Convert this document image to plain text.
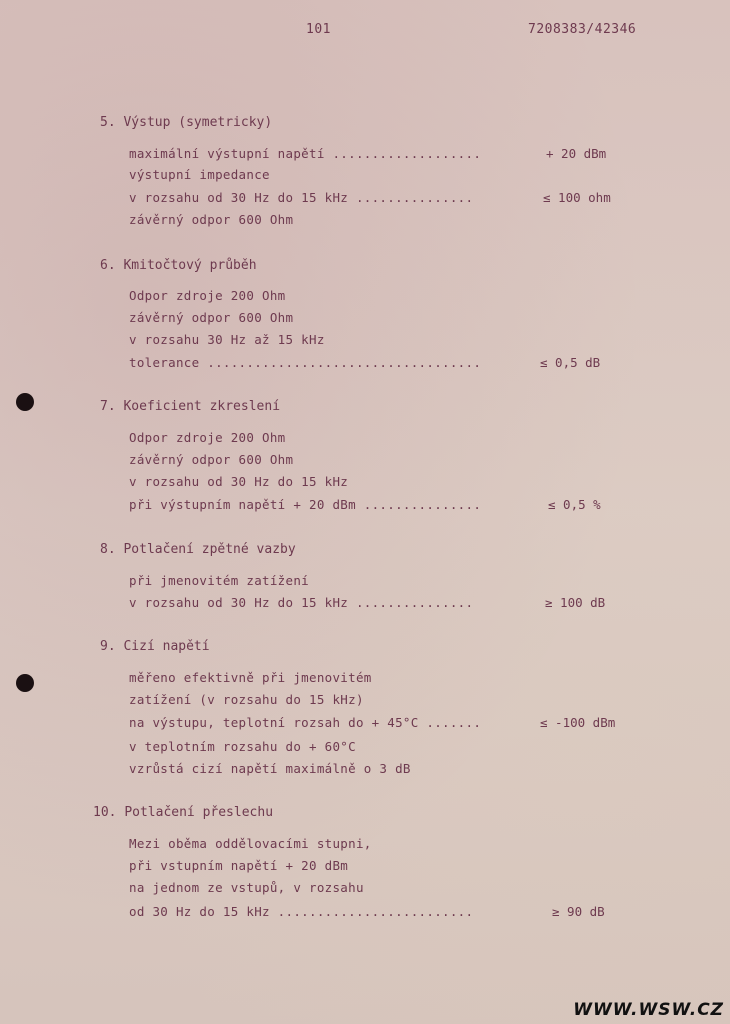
101	7208383/42346
5. Výstup (symetricky)
maximální výstupní napětí ...................	+ 20 dBm
výstupní impedance
v rozsahu od 30 Hz do 15 kHz ...............	≤ 100 ohm
závěrný odpor 600 Ohm
6. Kmitočtový průběh
Odpor zdroje 200 Ohm
závěrný odpor 600 Ohm
v rozsahu 30 Hz až 15 kHz
tolerance ...................................	≤ 0,5 dB
7. Koeficient zkreslení
Odpor zdroje 200 Ohm
závěrný odpor 600 Ohm
v rozsahu od 30 Hz do 15 kHz
při výstupním napětí + 20 dBm ...............	≤ 0,5 %
8. Potlačení zpětné vazby
při jmenovitém zatížení
v rozsahu od 30 Hz do 15 kHz ...............	≥ 100 dB
9. Cizí napětí
měřeno efektivně při jmenovitém
zatížení (v rozsahu do 15 kHz)
na výstupu, teplotní rozsah do + 45°C .......	≤ -100 dBm
v teplotním rozsahu do + 60°C
vzrůstá cizí napětí maximálně o 3 dB
10. Potlačení přeslechu
Mezi oběma oddělovacími stupni,
při vstupním napětí + 20 dBm
na jednom ze vstupů, v rozsahu
od 30 Hz do 15 kHz .........................	≥ 90 dB
WWW.WSW.CZ
